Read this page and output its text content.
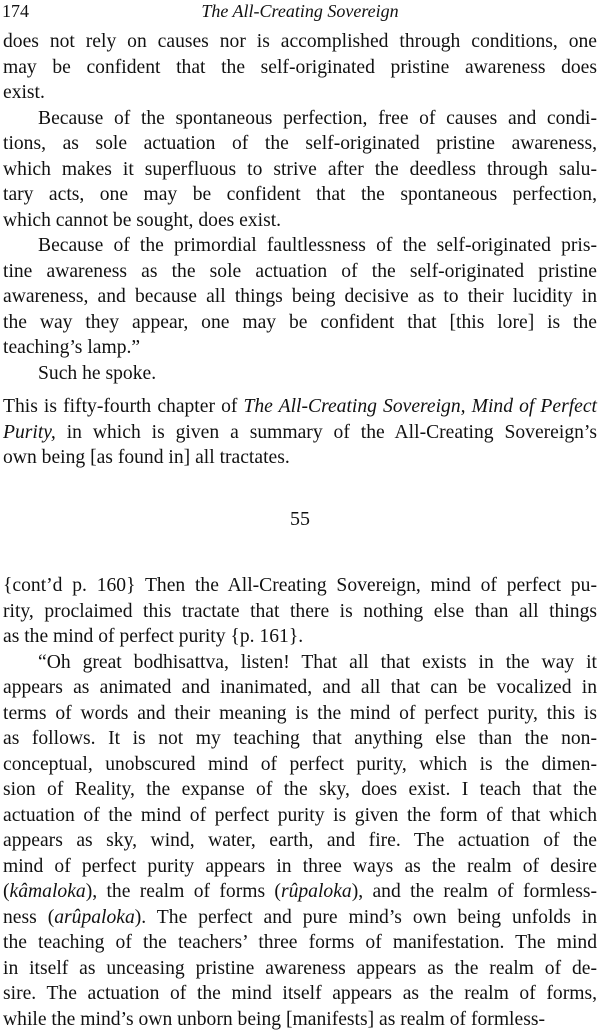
174	The All-Creating Sovereign
does not rely on causes nor is accomplished through conditions, one
may be confident that the self-originated pristine awareness does
exist.
Because of the spontaneous perfection, free of causes and condi-
tions, as sole actuation of the self-originated pristine awareness,
which makes it superfluous to strive after the deedless through salu-
tary acts, one may be confident that the spontaneous perfection,
which cannot be sought, does exist.
Because of the primordial faultlessness of the self-originated pris-
tine awareness as the sole actuation of the self-originated pristine
awareness, and because all things being decisive as to their lucidity in
the way they appear, one may be confident that [this lore] is the
teaching’s lamp.”
Such he spoke.
This is fifty-fourth chapter of The All-Creating Sovereign, Mind of Perfect
Purity, in which is given a summary of the All-Creating Sovereign’s
own being [as found in] all tractates.
55
{cont’d p. 160} Then the All-Creating Sovereign, mind of perfect pu-
rity, proclaimed this tractate that there is nothing else than all things
as the mind of perfect purity {p. 161}.
“Oh great bodhisattva, listen! That all that exists in the way it
appears as animated and inanimated, and all that can be vocalized in
terms of words and their meaning is the mind of perfect purity, this is
as follows. It is not my teaching that anything else than the non-
conceptual, unobscured mind of perfect purity, which is the dimen-
sion of Reality, the expanse of the sky, does exist. I teach that the
actuation of the mind of perfect purity is given the form of that which
appears as sky, wind, water, earth, and fire. The actuation of the
mind of perfect purity appears in three ways as the realm of desire
(kâmaloka), the realm of forms (rûpaloka), and the realm of formless-
ness (arûpaloka). The perfect and pure mind’s own being unfolds in
the teaching of the teachers’ three forms of manifestation. The mind
in itself as unceasing pristine awareness appears as the realm of de-
sire. The actuation of the mind itself appears as the realm of forms,
while the mind’s own unborn being [manifests] as realm of formless-
